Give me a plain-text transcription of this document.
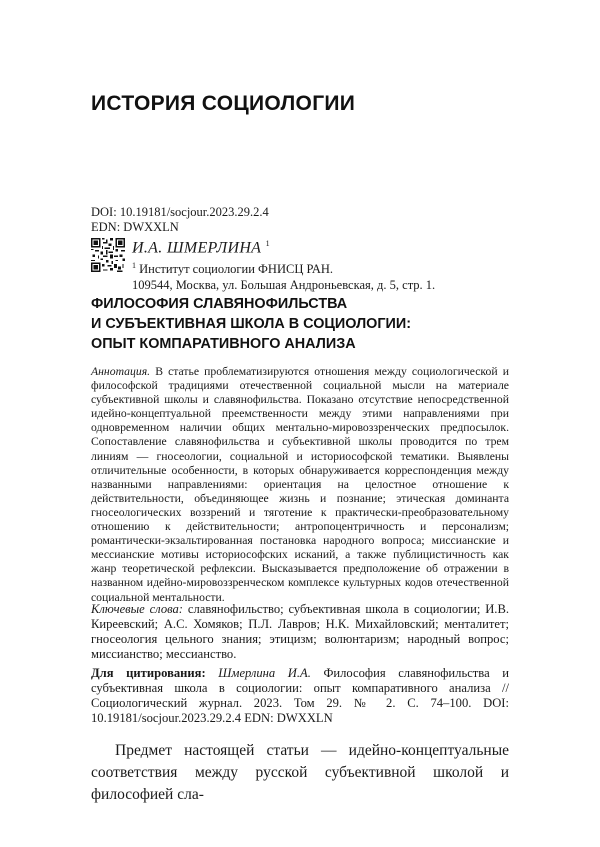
ИСТОРИЯ СОЦИОЛОГИИ
DOI: 10.19181/socjour.2023.29.2.4
EDN: DWXXLN
И.А. ШМЕРЛИНА $^1$
$^1$ Институт социологии ФНИСЦ РАН.
109544, Москва, ул. Большая Андроньевская, д. 5, стр. 1.
ФИЛОСОФИЯ СЛАВЯНОФИЛЬСТВА
И СУБЪЕКТИВНАЯ ШКОЛА В СОЦИОЛОГИИ:
ОПЫТ КОМПАРАТИВНОГО АНАЛИЗА
Аннотация. В статье проблематизируются отношения между социологической и философской традициями отечественной социальной мысли на материале субъективной школы и славянофильства. Показано отсутствие непосредственной идейно-концептуальной преемственности между этими направлениями при одновременном наличии общих ментально-мировоззренческих предпосылок. Сопоставление славянофильства и субъективной школы проводится по трем линиям — гносеологии, социальной и историософской тематики. Выявлены отличительные особенности, в которых обнаруживается корреспонденция между названными направлениями: ориентация на целостное отношение к действительности, объединяющее жизнь и познание; этическая доминанта гносеологических воззрений и тяготение к практически-преобразовательному отношению к действительности; антропоцентричность и персонализм; романтически-экзальтированная постановка народного вопроса; миссианские и мессианские мотивы историософских исканий, а также публицистичность как жанр теоретической рефлексии. Высказывается предположение об отражении в названном идейно-мировоззренческом комплексе культурных кодов отечественной социальной ментальности.
Ключевые слова: славянофильство; субъективная школа в социологии; И.В. Киреевский; А.С. Хомяков; П.Л. Лавров; Н.К. Михайловский; менталитет; гносеология цельного знания; этицизм; волюнтаризм; народный вопрос; миссианство; мессианство.
Для цитирования: Шмерлина И.А. Философия славянофильства и субъективная школа в социологии: опыт компаративного анализа // Социологический журнал. 2023. Том 29. № 2. С. 74–100. DOI: 10.19181/socjour.2023.29.2.4 EDN: DWXXLN
Предмет настоящей статьи — идейно-концептуальные соответствия между русской субъективной школой и философией сла-
